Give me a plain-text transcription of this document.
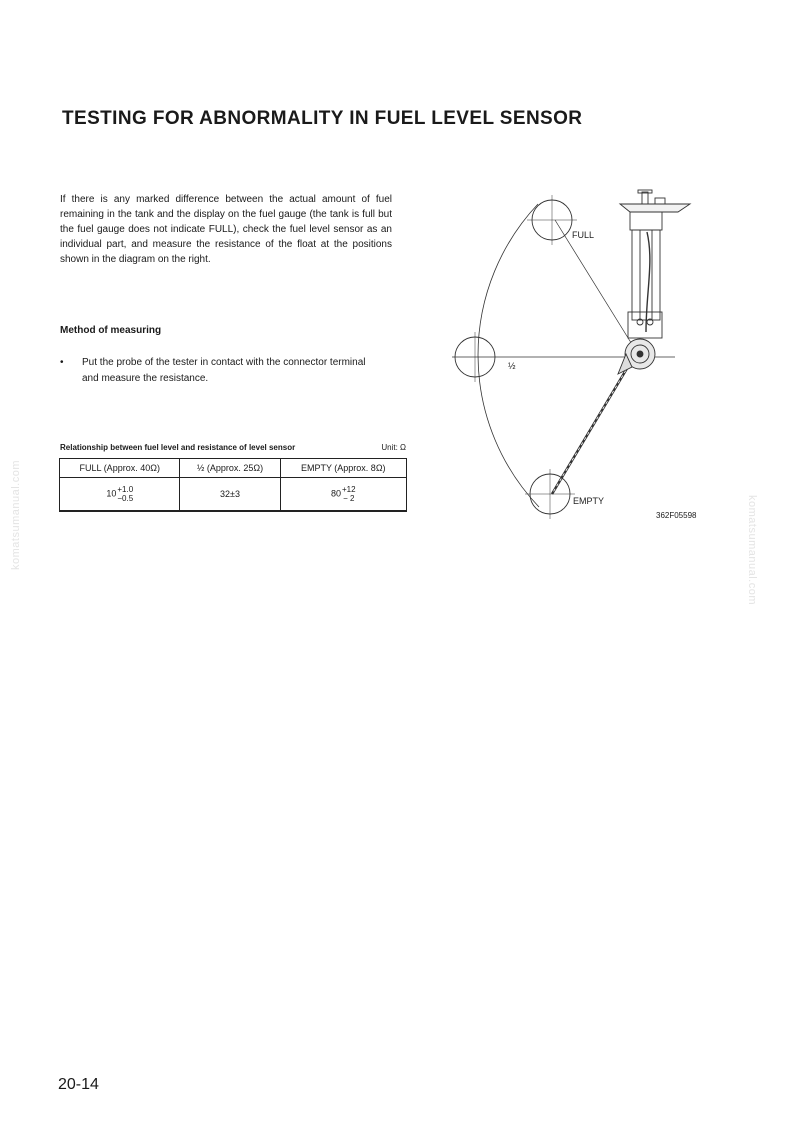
TESTING FOR ABNORMALITY IN FUEL LEVEL SENSOR

If there is any marked difference between the actual amount of fuel remaining in the tank and the display on the fuel gauge (the tank is full but the fuel gauge does not indicate FULL), check the fuel level sensor as an individual part, and measure the resistance of the float at the positions shown in the diagram on the right.

Method of measuring
•	Put the probe of the tester in contact with the connector terminal and measure the resistance.
Relationship between fuel level and resistance of level sensor	Unit: Ω
FULL (Approx. 40Ω)	½ (Approx. 25Ω)	EMPTY (Approx. 8Ω)
10 +1.0
−0.5	32±3	80 +12
− 2
FULL
½
EMPTY
362F05598
komatsumanual.com	komatsumanual.com
20-14
